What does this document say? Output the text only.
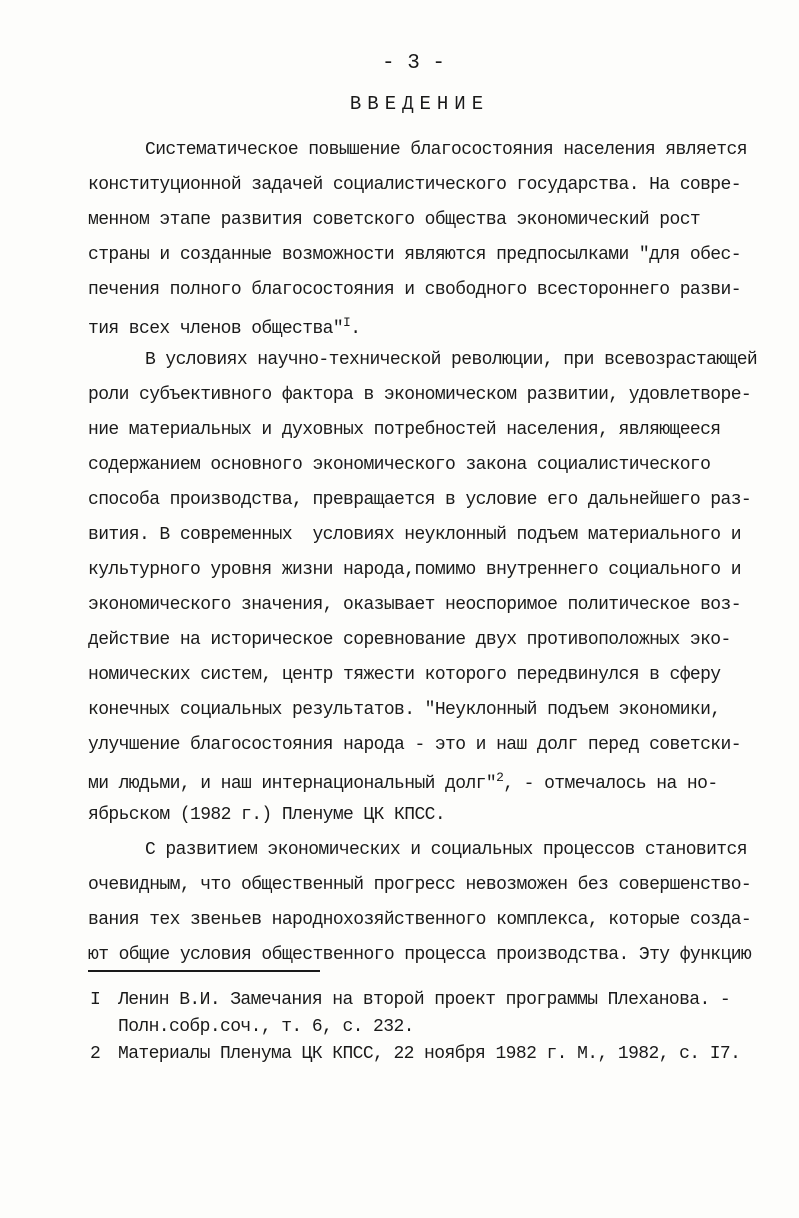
- 3 -
ВВЕДЕНИЕ
Систематическое повышение благосостояния населения является
конституционной задачей социалистического государства. На совре-
менном этапе развития советского общества экономический рост
страны и созданные возможности являются предпосылками "для обес-
печения полного благосостояния и свободного всестороннего разви-
тия всех членов общества"$^I$.
В условиях научно-технической революции, при всевозрастающей
роли субъективного фактора в экономическом развитии, удовлетворе-
ние материальных и духовных потребностей населения, являющееся
содержанием основного экономического закона социалистического
способа производства, превращается в условие его дальнейшего раз-
вития. В современных  условиях неуклонный подъем материального и
культурного уровня жизни народа,помимо внутреннего социального и
экономического значения, оказывает неоспоримое политическое воз-
действие на историческое соревнование двух противоположных эко-
номических систем, центр тяжести которого передвинулся в сферу
конечных социальных результатов. "Неуклонный подъем экономики,
улучшение благосостояния народа - это и наш долг перед советски-
ми людьми, и наш интернациональный долг"$^2$, - отмечалось на но-
ябрьском (1982 г.) Пленуме ЦК КПСС.
С развитием экономических и социальных процессов становится
очевидным, что общественный прогресс невозможен без совершенство-
вания тех звеньев народнохозяйственного комплекса, которые созда-
ют общие условия общественного процесса производства. Эту функцию
I Ленин В.И. Замечания на второй проект программы Плеханова. -
Полн.собр.соч., т. 6, с. 232.
2 Материалы Пленума ЦК КПСС, 22 ноября 1982 г. М., 1982, с. I7.
